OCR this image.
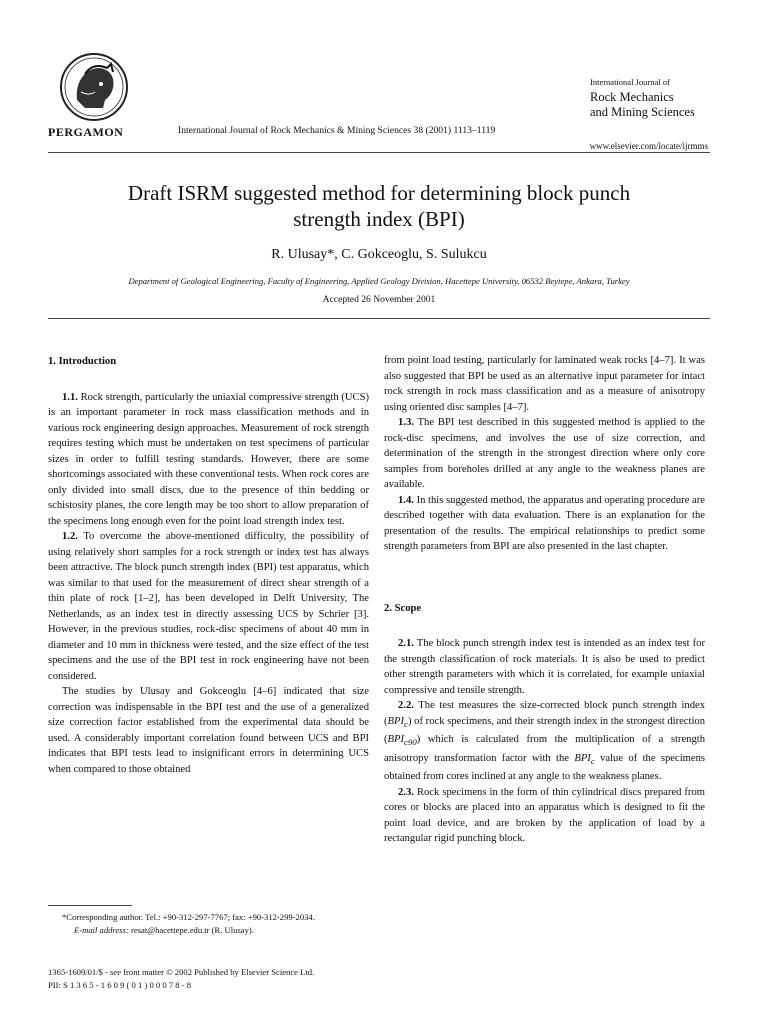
PERGAMON	International Journal of Rock Mechanics & Mining Sciences 38 (2001) 1113–1119
International Journal of
Rock Mechanics
and Mining Sciences
www.elsevier.com/locate/ijrmms
Draft ISRM suggested method for determining block punch
strength index (BPI)
R. Ulusay*, C. Gokceoglu, S. Sulukcu
Department of Geological Engineering, Faculty of Engineering, Applied Geology Division, Hacettepe University, 06532 Beytepe, Ankara, Turkey
Accepted 26 November 2001
1. Introduction

1.1. Rock strength, particularly the uniaxial compressive strength (UCS) is an important parameter in rock mass classification methods and in various rock engineering design approaches. Measurement of rock strength requires testing which must be undertaken on test specimens of particular sizes in order to fulfill testing standards. However, there are some shortcomings associated with these conventional tests. When rock cores are only divided into small discs, due to the presence of thin bedding or schistosity planes, the core length may be too short to allow preparation of the specimens long enough even for the point load strength index test.

1.2. To overcome the above-mentioned difficulty, the possibility of using relatively short samples for a rock strength or index test has always been attractive. The block punch strength index (BPI) test apparatus, which was similar to that used for the measurement of direct shear strength of a thin plate of rock [1–2], has been developed in Delft University, The Netherlands, as an index test in directly assessing UCS by Schrier [3]. However, in the previous studies, rock-disc specimens of about 40 mm in diameter and 10 mm in thickness were tested, and the size effect of the test specimens and the use of the BPI test in rock engineering have not been considered.

The studies by Ulusay and Gokceoglu [4–6] indicated that size correction was indispensable in the BPI test and the use of a generalized size correction factor established from the experimental data should be used. A considerably important correlation found between UCS and BPI indicates that BPI tests lead to insignificant errors in determining UCS when compared to those obtained

from point load testing, particularly for laminated weak rocks [4–7]. It was also suggested that BPI be used as an alternative input parameter for intact rock strength in rock mass classification and as a measure of anisotropy using oriented disc samples [4–7].

1.3. The BPI test described in this suggested method is applied to the rock-disc specimens, and involves the use of size correction, and determination of the strength in the strongest direction where only core samples from boreholes drilled at any angle to the weakness planes are available.

1.4. In this suggested method, the apparatus and operating procedure are described together with data evaluation. There is an explanation for the presentation of the results. The empirical relationships to predict some strength parameters from BPI are also presented in the last chapter.

2. Scope

2.1. The block punch strength index test is intended as an index test for the strength classification of rock materials. It is also be used to predict other strength parameters with which it is correlated, for example uniaxial compressive and tensile strength.

2.2. The test measures the size-corrected block punch strength index $(BPI_c)$ of rock specimens, and their strength index in the strongest direction $(BPI_{c90})$ which is calculated from the multiplication of a strength anisotropy transformation factor with the $BPI_c$ value of the specimens obtained from cores inclined at any angle to the weakness planes.

2.3. Rock specimens in the form of thin cylindrical discs prepared from cores or blocks are placed into an apparatus which is designed to fit the point load device, and are broken by the application of load by a rectangular rigid punching block.

*Corresponding author. Tel.: +90-312-297-7767; fax: +90-312-299-2034.
E-mail address: resat@hacettepe.edu.tr (R. Ulusay).
1365-1609/01/$ - see front matter © 2002 Published by Elsevier Science Ltd.
PII: S 1 3 6 5 - 1 6 0 9 ( 0 1 ) 0 0 0 7 8 - 8
